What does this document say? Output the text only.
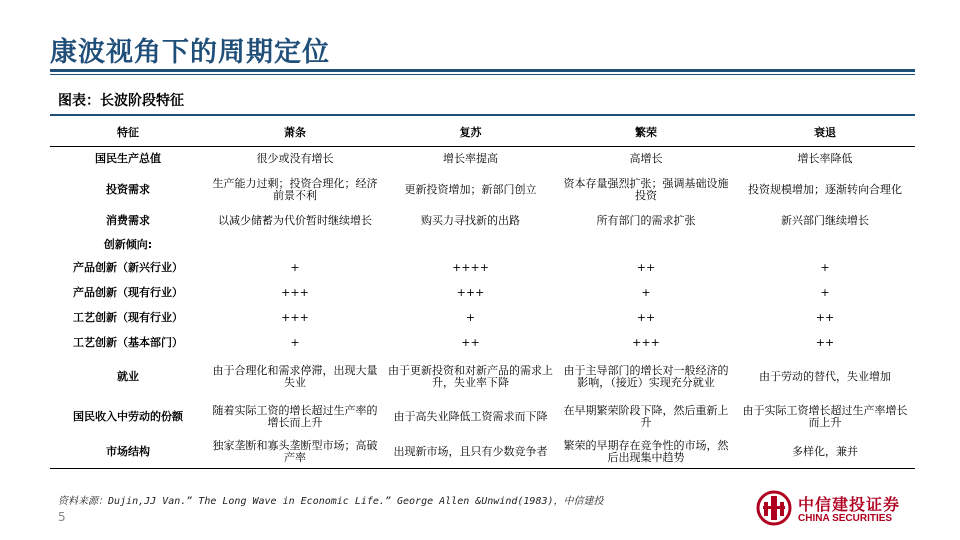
康波视角下的周期定位
图表：长波阶段特征
特征	萧条	复苏	繁荣	衰退
国民生产总值	很少或没有增长	增长率提高	高增长	增长率降低
投资需求	生产能力过剩；投资合理化；经济前景不利	更新投资增加；新部门创立	资本存量强烈扩张；强调基础设施投资	投资规模增加；逐渐转向合理化
消费需求	以减少储蓄为代价暂时继续增长	购买力寻找新的出路	所有部门的需求扩张	新兴部门继续增长
创新倾向:				
产品创新（新兴行业）	+	++++	++	+
产品创新（现有行业）	+++	+++	+	+
工艺创新（现有行业）	+++	+	++	++
工艺创新（基本部门）	+	++	+++	++
就业	由于合理化和需求停滞，出现大量失业	由于更新投资和对新产品的需求上升，失业率下降	由于主导部门的增长对一般经济的影响，（接近）实现充分就业	由于劳动的替代，失业增加
国民收入中劳动的份额	随着实际工资的增长超过生产率的增长而上升	由于高失业降低工资需求而下降	在早期繁荣阶段下降，然后重新上升	由于实际工资增长超过生产率增长而上升
市场结构	独家垄断和寡头垄断型市场；高破产率	出现新市场，且只有少数竞争者	繁荣的早期存在竞争性的市场，然后出现集中趋势	多样化，兼并
资料来源：Dujin,JJ Van.” The Long Wave in Economic Life.” George Allen &Unwind(1983)，中信建投
5
中信建投证券
CHINA SECURITIES
